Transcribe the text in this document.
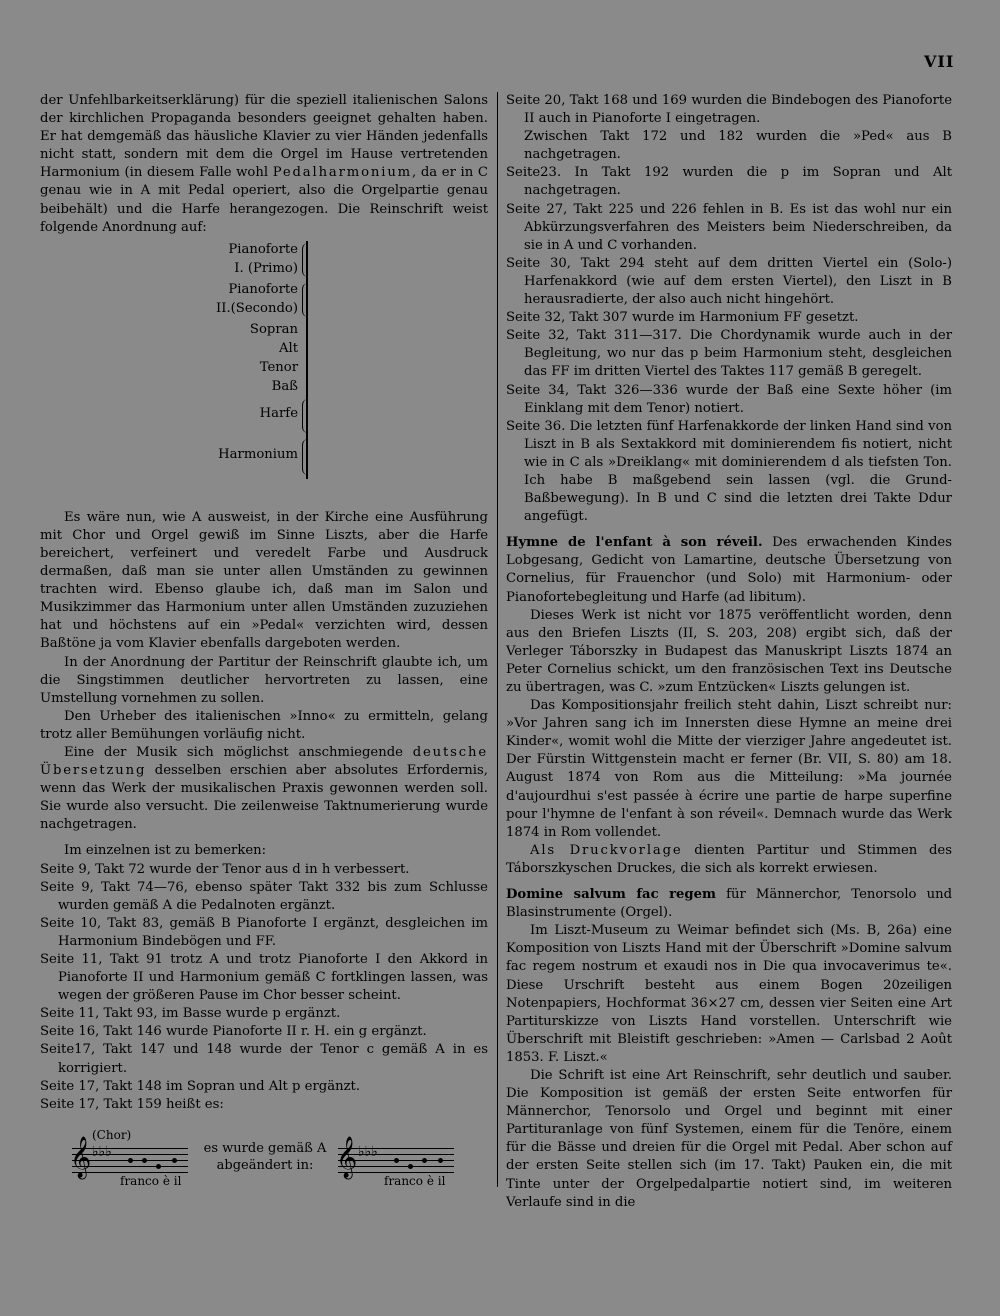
VII

der Unfehlbarkeitserklärung) für die speziell italienischen Salons der kirchlichen Propaganda besonders geeignet gehalten haben. Er hat demgemäß das häusliche Klavier zu vier Händen jedenfalls nicht statt, sondern mit dem die Orgel im Hause vertretenden Harmonium (in diesem Falle wohl Pedalharmonium, da er in C genau wie in A mit Pedal operiert, also die Orgelpartie genau beibehält) und die Harfe herangezogen. Die Reinschrift weist folgende Anordnung auf:

Pianoforte
I. (Primo)
Pianoforte
II.(Secondo)
Sopran
Alt
Tenor
Baß
Harfe
Harmonium

Es wäre nun, wie A ausweist, in der Kirche eine Ausführung mit Chor und Orgel gewiß im Sinne Liszts, aber die Harfe bereichert, verfeinert und veredelt Farbe und Ausdruck dermaßen, daß man sie unter allen Umständen zu gewinnen trachten wird. Ebenso glaube ich, daß man im Salon und Musikzimmer das Harmonium unter allen Umständen zuzuziehen hat und höchstens auf ein »Pedal« verzichten wird, dessen Baßtöne ja vom Klavier ebenfalls dargeboten werden.

In der Anordnung der Partitur der Reinschrift glaubte ich, um die Singstimmen deutlicher hervortreten zu lassen, eine Umstellung vornehmen zu sollen.

Den Urheber des italienischen »Inno« zu ermitteln, gelang trotz aller Bemühungen vorläufig nicht.

Eine der Musik sich möglichst anschmiegende deutsche Übersetzung desselben erschien aber absolutes Erfordernis, wenn das Werk der musikalischen Praxis gewonnen werden soll. Sie wurde also versucht. Die zeilenweise Taktnumerierung wurde nachgetragen.

Im einzelnen ist zu bemerken:

Seite 9, Takt 72 wurde der Tenor aus d in h verbessert.

Seite 9, Takt 74—76, ebenso später Takt 332 bis zum Schlusse wurden gemäß A die Pedalnoten ergänzt.

Seite 10, Takt 83, gemäß B Pianoforte I ergänzt, desgleichen im Harmonium Bindebögen und FF.

Seite 11, Takt 91 trotz A und trotz Pianoforte I den Akkord in Pianoforte II und Harmonium gemäß C fortklingen lassen, was wegen der größeren Pause im Chor besser scheint.

Seite 11, Takt 93, im Basse wurde p ergänzt.

Seite 16, Takt 146 wurde Pianoforte II r. H. ein g ergänzt.

Seite17, Takt 147 und 148 wurde der Tenor c gemäß A in es korrigiert.

Seite 17, Takt 148 im Sopran und Alt p ergänzt.

Seite 17, Takt 159 heißt es:

(Chor)
𝄞 ♭♭♭
franco è il
es wurde gemäß A abgeändert in: 𝄞 ♭♭♭
franco è il

Seite 20, Takt 168 und 169 wurden die Bindebogen des Pianoforte II auch in Pianoforte I eingetragen.

Zwischen Takt 172 und 182 wurden die »Ped« aus B nachgetragen.

Seite23. In Takt 192 wurden die p im Sopran und Alt nachgetragen.

Seite 27, Takt 225 und 226 fehlen in B. Es ist das wohl nur ein Abkürzungsverfahren des Meisters beim Niederschreiben, da sie in A und C vorhanden.

Seite 30, Takt 294 steht auf dem dritten Viertel ein (Solo-) Harfenakkord (wie auf dem ersten Viertel), den Liszt in B herausradierte, der also auch nicht hingehört.

Seite 32, Takt 307 wurde im Harmonium FF gesetzt.

Seite 32, Takt 311—317. Die Chordynamik wurde auch in der Begleitung, wo nur das p beim Harmonium steht, desgleichen das FF im dritten Viertel des Taktes 117 gemäß B geregelt.

Seite 34, Takt 326—336 wurde der Baß eine Sexte höher (im Einklang mit dem Tenor) notiert.

Seite 36. Die letzten fünf Harfenakkorde der linken Hand sind von Liszt in B als Sextakkord mit dominierendem fis notiert, nicht wie in C als »Dreiklang« mit dominierendem d als tiefsten Ton. Ich habe B maßgebend sein lassen (vgl. die Grund-Baßbewegung). In B und C sind die letzten drei Takte Ddur angefügt.

Hymne de l'enfant à son réveil. Des erwachenden Kindes Lobgesang, Gedicht von Lamartine, deutsche Übersetzung von Cornelius, für Frauenchor (und Solo) mit Harmonium- oder Pianofortebegleitung und Harfe (ad libitum).

Dieses Werk ist nicht vor 1875 veröffentlicht worden, denn aus den Briefen Liszts (II, S. 203, 208) ergibt sich, daß der Verleger Táborszky in Budapest das Manuskript Liszts 1874 an Peter Cornelius schickt, um den französischen Text ins Deutsche zu übertragen, was C. »zum Entzücken« Liszts gelungen ist.

Das Kompositionsjahr freilich steht dahin, Liszt schreibt nur: »Vor Jahren sang ich im Innersten diese Hymne an meine drei Kinder«, womit wohl die Mitte der vierziger Jahre angedeutet ist. Der Fürstin Wittgenstein macht er ferner (Br. VII, S. 80) am 18. August 1874 von Rom aus die Mitteilung: »Ma journée d'aujourdhui s'est passée à écrire une partie de harpe superfine pour l'hymne de l'enfant à son réveil«. Demnach wurde das Werk 1874 in Rom vollendet.

Als Druckvorlage dienten Partitur und Stimmen des Táborszkyschen Druckes, die sich als korrekt erwiesen.

Domine salvum fac regem für Männerchor, Tenorsolo und Blasinstrumente (Orgel).

Im Liszt-Museum zu Weimar befindet sich (Ms. B, 26a) eine Komposition von Liszts Hand mit der Überschrift »Domine salvum fac regem nostrum et exaudi nos in Die qua invocaverimus te«. Diese Urschrift besteht aus einem Bogen 20zeiligen Notenpapiers, Hochformat 36×27 cm, dessen vier Seiten eine Art Partiturskizze von Liszts Hand vorstellen. Unterschrift wie Überschrift mit Bleistift geschrieben: »Amen — Carlsbad 2 Août 1853. F. Liszt.«

Die Schrift ist eine Art Reinschrift, sehr deutlich und sauber. Die Komposition ist gemäß der ersten Seite entworfen für Männerchor, Tenorsolo und Orgel und beginnt mit einer Partituranlage von fünf Systemen, einem für die Tenöre, einem für die Bässe und dreien für die Orgel mit Pedal. Aber schon auf der ersten Seite stellen sich (im 17. Takt) Pauken ein, die mit Tinte unter der Orgelpedalpartie notiert sind, im weiteren Verlaufe sind in die
